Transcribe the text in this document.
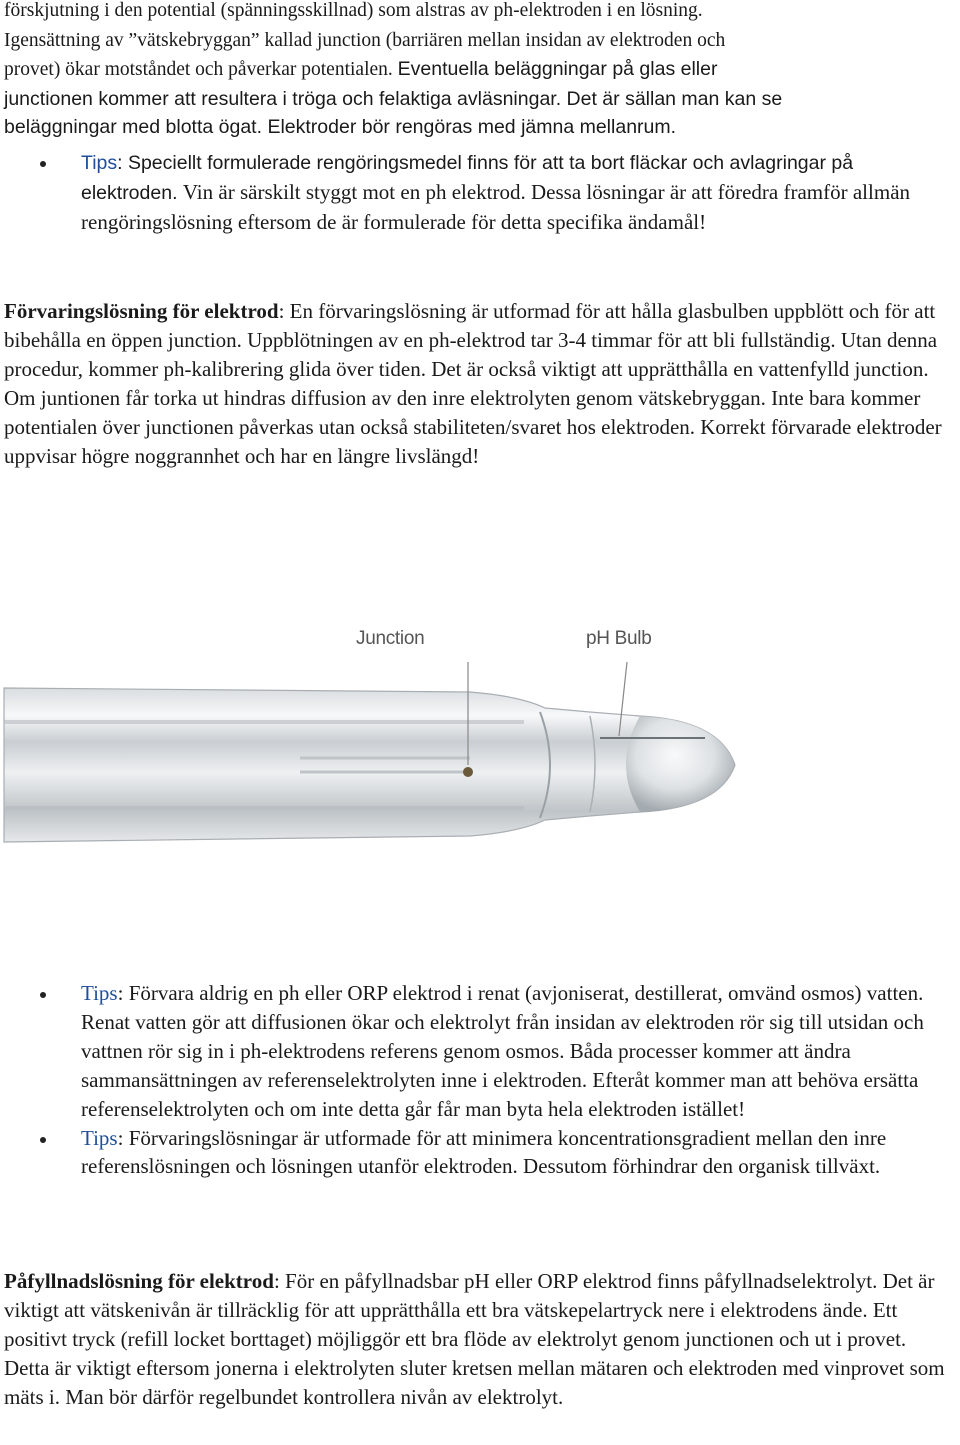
förskjutning i den potential (spänningsskillnad) som alstras av ph-elektroden i en lösning.
Igensättning av ”vätskebryggan” kallad junction (barriären mellan insidan av elektroden och
provet) ökar motståndet och påverkar potentialen. Eventuella beläggningar på glas eller
junctionen kommer att resultera i tröga och felaktiga avläsningar. Det är sällan man kan se
beläggningar med blotta ögat. Elektroder bör rengöras med jämna mellanrum.

Tips: Speciellt formulerade rengöringsmedel finns för att ta bort fläckar och avlagringar på elektroden. Vin är särskilt styggt mot en ph elektrod. Dessa lösningar är att föredra framför allmän rengöringslösning eftersom de är formulerade för detta specifika ändamål!

Förvaringslösning för elektrod: En förvaringslösning är utformad för att hålla glasbulben uppblött och för att bibehålla en öppen junction. Uppblötningen av en ph-elektrod tar 3-4 timmar för att bli fullständig. Utan denna procedur, kommer ph-kalibrering glida över tiden. Det är också viktigt att upprätthålla en vattenfylld junction. Om juntionen får torka ut hindras diffusion av den inre elektrolyten genom vätskebryggan. Inte bara kommer potentialen över junctionen påverkas utan också stabiliteten/svaret hos elektroden. Korrekt förvarade elektroder uppvisar högre noggrannhet och har en längre livslängd!

Junction	pH Bulb
Tips: Förvara aldrig en ph eller ORP elektrod i renat (avjoniserat, destillerat, omvänd osmos) vatten. Renat vatten gör att diffusionen ökar och elektrolyt från insidan av elektroden rör sig till utsidan och vattnen rör sig in i ph-elektrodens referens genom osmos. Båda processer kommer att ändra sammansättningen av referenselektrolyten inne i elektroden. Efteråt kommer man att behöva ersätta referenselektrolyten och om inte detta går får man byta hela elektroden istället!
Tips: Förvaringslösningar är utformade för att minimera koncentrationsgradient mellan den inre referenslösningen och lösningen utanför elektroden. Dessutom förhindrar den organisk tillväxt.

Påfyllnadslösning för elektrod: För en påfyllnadsbar pH eller ORP elektrod finns påfyllnadselektrolyt. Det är viktigt att vätskenivån är tillräcklig för att upprätthålla ett bra vätskepelartryck nere i elektrodens ände. Ett positivt tryck (refill locket borttaget) möjliggör ett bra flöde av elektrolyt genom junctionen och ut i provet. Detta är viktigt eftersom jonerna i elektrolyten sluter kretsen mellan mätaren och elektroden med vinprovet som mäts i. Man bör därför regelbundet kontrollera nivån av elektrolyt.
